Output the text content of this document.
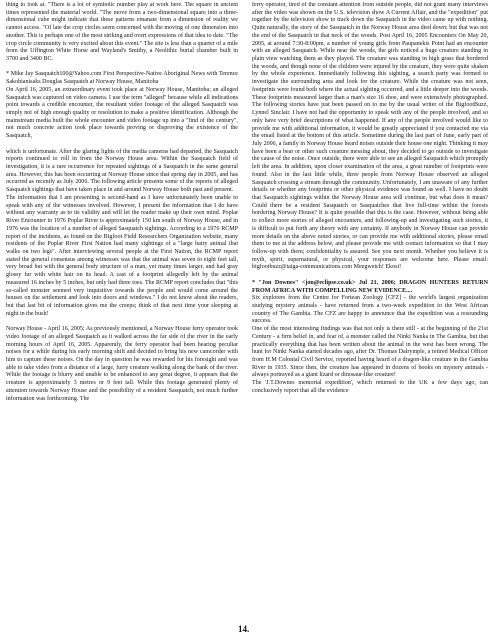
thing to look at. "There is a lot of symbolic number play at work here. The square in ancient times represented the material world. "The move from a two-dimensional square into a three-dimensional cube might indicate that these patterns emanate from a dimension of reality we cannot access. "Of late the crop circles seem concerned with the moving of one dimension into another. This is perhaps one of the most striking and overt expressions of that idea to date. "The crop circle community is very excited about this event." The site is less than a quarter of a mile from the Uffington White Horse and Wayland's Smithy, a Neolithic burial chamber built in 3700 and 3400 BC.

* Mike Jay Sasquatch100@Yahoo.com First Perspective-Native Aboriginal News with Terence Sakohianisaks Douglas Sasquatch at Norway House, Manitoba

On April 16, 2005, an extraordinary event took place at Norway House, Manitoba; an alleged Sasquatch was captured on video camera. I use the term "alleged" because while all indications point towards a credible encounter, the resultant video footage of the alleged Sasquatch was simply not of high enough quality or resolution to make a positive identification. Although the mainstream media built the whole encounter and video footage up into a "find of the century", not much concrete action took place towards proving or disproving the existence of the Sasquatch,

which is unfortunate. After the glaring lights of the media cameras had departed, the Sasquatch reports continued to roll in from the Norway House area. Within the Sasquatch field of investigation, it is a rare occurrence for repeated sightings of a Sasquatch in the same general area. However, this has been occurring at Norway House since that spring day in 2005, and has occurred as recently as July 2006. The following article presents some of the reports of alleged Sasquatch sightings that have taken place in and around Norway House both past and present.

The information that I am presenting is second-hand as I have unfortunately been unable to speak with any of the witnesses involved. However, I present the information that I do have without any warranty as to its validity and will let the reader make up their own mind. Poplar River Encounter in 1976 Poplar River is approximately 150 km south of Norway House, and in 1976 was the location of a number of alleged Sasquatch sightings. According to a 1976 RCMP report of the incidents, as found on the Bigfoot Field Researchers Organization website, many residents of the Poplar River First Nation had many sightings of a "large hairy animal that walks on two legs". After interviewing several people at the First Nation, the RCMP report stated the general consensus among witnesses was that the animal was seven to eight feet tall, very broad but with the general body structure of a man, yet many times larger, and had gray glossy fur with white hair on its head. A cast of a footprint allegedly left by the animal measured 16 inches by 5 inches, but only had three toes. The RCMP report concludes that "this so-called monster seemed very inquisitive towards the people and would come around the houses on the settlement and look into doors and windows." I do not know about the readers, but that last bit of information gives me the creeps; think of that next time your sleeping at night in the bush!

Norway House - April 16, 2005; As previously mentioned, a Norway House ferry operator took video footage of an alleged Sasquatch as it walked across the far side of the river in the early morning hours of April 16, 2005. Apparently, the ferry operator had been hearing peculiar noises for a while during his early morning shift and decided to bring his new camcorder with him to capture these noises. On the day in question he was rewarded for his foresight and was able to take video from a distance of a large, furry creature walking along the bank of the river. While the footage is blurry and unable to be enhanced to any great degree, it appears that the creature is approximately 3 metres or 9 feet tall. While this footage generated plenty of attention towards Norway House and the possibility of a resident Sasquatch, not much further information was forthcoming. The

ferry operator, tired of the constant attention from outside people, did not grant many interviews after the video was shown on the U.S. television show A Current Affair, and the "expedition" put together by the television show to track down the Sasquatch in the video came up with nothing. Quite naturally, the story of the Sasquatch in the Norway House area died down; but that was not the end of the Sasquatch in that neck of the woods. Post April 16, 2005 Encounters On May 20, 2005, at around 7:30-8:00pm, a number of young girls from Paupanekis Point had an encounter with an alleged Sasquatch. While near the woods, the girls noticed a huge creature standing in plain view watching them as they played. The creature was standing in high grass that bordered the woods, and though none of the children were injured by the creature, they were quite shaken by the whole experience. Immediately following this sighting, a search party was formed to investigate the surrounding area and look for the creature. While the creature was not seen, footprints were found both where the actual sighting occurred, and a little deeper into the woods. These footprints measured larger than a man's size 16 shoe, and were extensively photographed. The following stories have just been passed on to me by the usual writer of the BigfootBuzz, Lynnel Sinclair. I have not had the opportunity to speak with any of the people involved, and so only have very brief descriptions of what happened. If any of the people involved would like to provide me with additional information, it would be greatly appreciated if you contacted me via the email listed at the bottom of this article. Sometime during the last part of June, early part of July 2006, a family in Norway House heard noises outside their house one night. Thinking it may have been a bear or other such creature messing about, they decided to go outside to investigate the cause of the noise. Once outside, there were able to see an alleged Sasquatch which promptly left the area. In addition, upon closer examination of the area, a great number of footprints were found. Also in the last little while, three people from Norway House observed an alleged Sasquatch crossing a stream through the community. Unfortunately, I am unaware of any further details or whether any footprints or other physical evidence was found as well. I have no doubt that Sasquatch sightings within the Norway House area will continue, but what does it mean? Could there be a resident Sasquatch or Sasquatches that live full-time within the forests bordering Norway House? It is quite possible that this is the case. However, without being able to collect more stories of alleged encounters, and following-up and investigating such stories, it is difficult to put forth any theory with any certainty. If anybody in Norway House can provide more details on the above noted stories, or can provide me with additional stories, please email them to me at the address below, and please provide me with contact information so that I may follow-up with them; confidentiality is assured. See you next month. Whether you believe it is myth, spirit, supernatural, or physical, your responses are welcome here. Please email: bigfootbuzz@taiga-communications.com Meegwetch! Ekosi!

* "Jon Downes" <jon@eclipse.co.uk> Jul 21, 2006; DRAGON HUNTERS RETURN FROM AFRICA WITH COMPELLING NEW EVIDENCE....

Six explorers from the Centre for Fortean Zoology [CFZ] - the world's largest organization studying mystery animals - have returned from a two-week expedition to the West African country of The Gambia. The CFZ are happy to announce that the expedition was a resounding success.

One of the most interesting findings was that not only is there still - at the beginning of the 21st Century - a firm belief in, and fear of, a monster called the Ninki Nanka in The Gambia, but that practically everything that has been written about the animal in the west has been wrong. The hunt for Ninki Nanka started decades ago, after Dr. Thomas Dalrymple, a retired Medical Officer from H.M Colonial Civil Service, reported having heard of a dragon-like creature in the Gambia River in 1935. Since then, the creature has appeared in dozens of books on mystery animals - always portrayed as a giant lizard or dinosaur-like creature!

The 'J.T.Downes memorial expedition', which returned to the UK a few days ago, can conclusively report that all the evidence

14.
